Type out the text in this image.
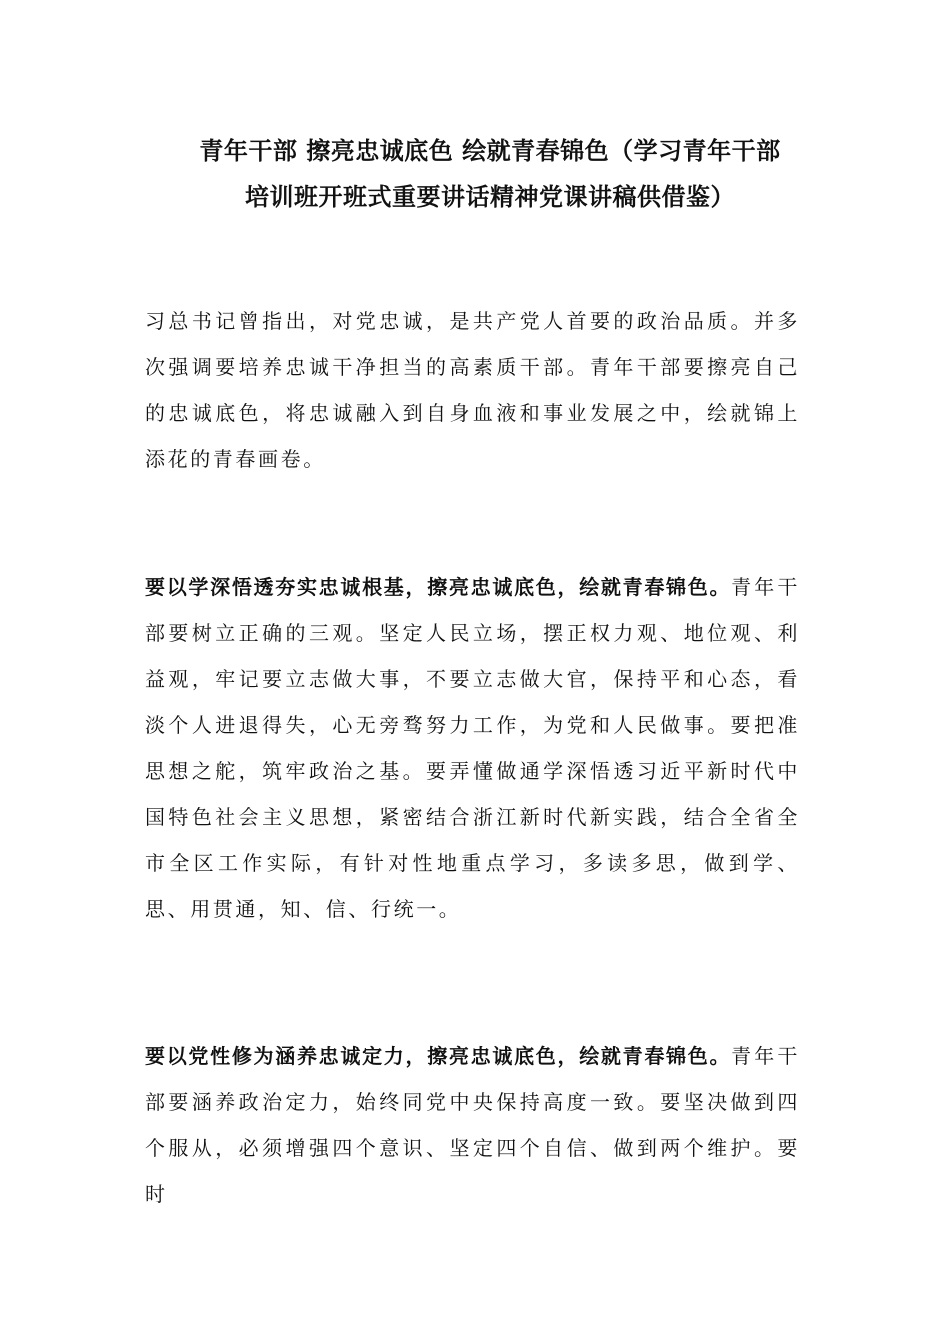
青年干部 擦亮忠诚底色 绘就青春锦色（学习青年干部
培训班开班式重要讲话精神党课讲稿供借鉴）

习总书记曾指出，对党忠诚，是共产党人首要的政治品质。并多次强调要培养忠诚干净担当的高素质干部。青年干部要擦亮自己的忠诚底色，将忠诚融入到自身血液和事业发展之中，绘就锦上添花的青春画卷。

要以学深悟透夯实忠诚根基，擦亮忠诚底色，绘就青春锦色。青年干部要树立正确的三观。坚定人民立场，摆正权力观、地位观、利益观，牢记要立志做大事，不要立志做大官，保持平和心态，看淡个人进退得失，心无旁骛努力工作，为党和人民做事。要把准思想之舵，筑牢政治之基。要弄懂做通学深悟透习近平新时代中国特色社会主义思想，紧密结合浙江新时代新实践，结合全省全市全区工作实际，有针对性地重点学习，多读多思，做到学、思、用贯通，知、信、行统一。

要以党性修为涵养忠诚定力，擦亮忠诚底色，绘就青春锦色。青年干部要涵养政治定力，始终同党中央保持高度一致。要坚决做到四个服从，必须增强四个意识、坚定四个自信、做到两个维护。要时
